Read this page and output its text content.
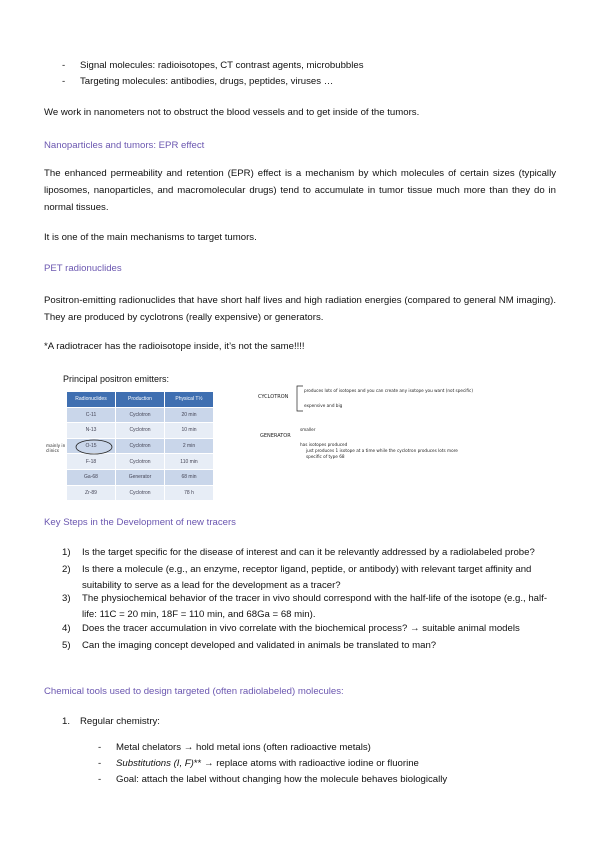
- Signal molecules: radioisotopes, CT contrast agents, microbubbles
- Targeting molecules: antibodies, drugs, peptides, viruses …
We work in nanometers not to obstruct the blood vessels and to get inside of the tumors.
Nanoparticles and tumors: EPR effect
The enhanced permeability and retention (EPR) effect is a mechanism by which molecules of certain sizes (typically liposomes, nanoparticles, and macromolecular drugs) tend to accumulate in tumor tissue much more than they do in normal tissues.
It is one of the main mechanisms to target tumors.
PET radionuclides
Positron-emitting radionuclides that have short half lives and high radiation energies (compared to general NM imaging). They are produced by cyclotrons (really expensive) or generators.
*A radiotracer has the radioisotope inside, it’s not the same!!!!
Principal positron emitters:
Radionuclides	Production	Physical T½
C-11	Cyclotron	20 min
N-13	Cyclotron	10 min
O-15	Cyclotron	2 min
F-18	Cyclotron	110 min
Ga-68	Generator	68 min
Zr-89	Cyclotron	78 h
mainly in clinics
CYCLOTRON
produces lots of isotopes and you can create any isotope you want (not specific)
expensive and big
GENERATOR
smaller
has isotopes produced
just produces 1 isotope at a time while the cyclotron produces lots more
specific of type 68
Key Steps in the Development of new tracers
1) Is the target specific for the disease of interest and can it be relevantly addressed by a radiolabeled probe?
2) Is there a molecule (e.g., an enzyme, receptor ligand, peptide, or antibody) with relevant target affinity and suitability to serve as a lead for the development as a tracer?
3) The physiochemical behavior of the tracer in vivo should correspond with the half-life of the isotope (e.g., half-life: 11C = 20 min, 18F = 110 min, and 68Ga = 68 min).
4) Does the tracer accumulation in vivo correlate with the biochemical process? → suitable animal models
5) Can the imaging concept developed and validated in animals be translated to man?
Chemical tools used to design targeted (often radiolabeled) molecules:
1. Regular chemistry:
- Metal chelators → hold metal ions (often radioactive metals)
- Substitutions (I, F)** → replace atoms with radioactive iodine or fluorine
- Goal: attach the label without changing how the molecule behaves biologically
